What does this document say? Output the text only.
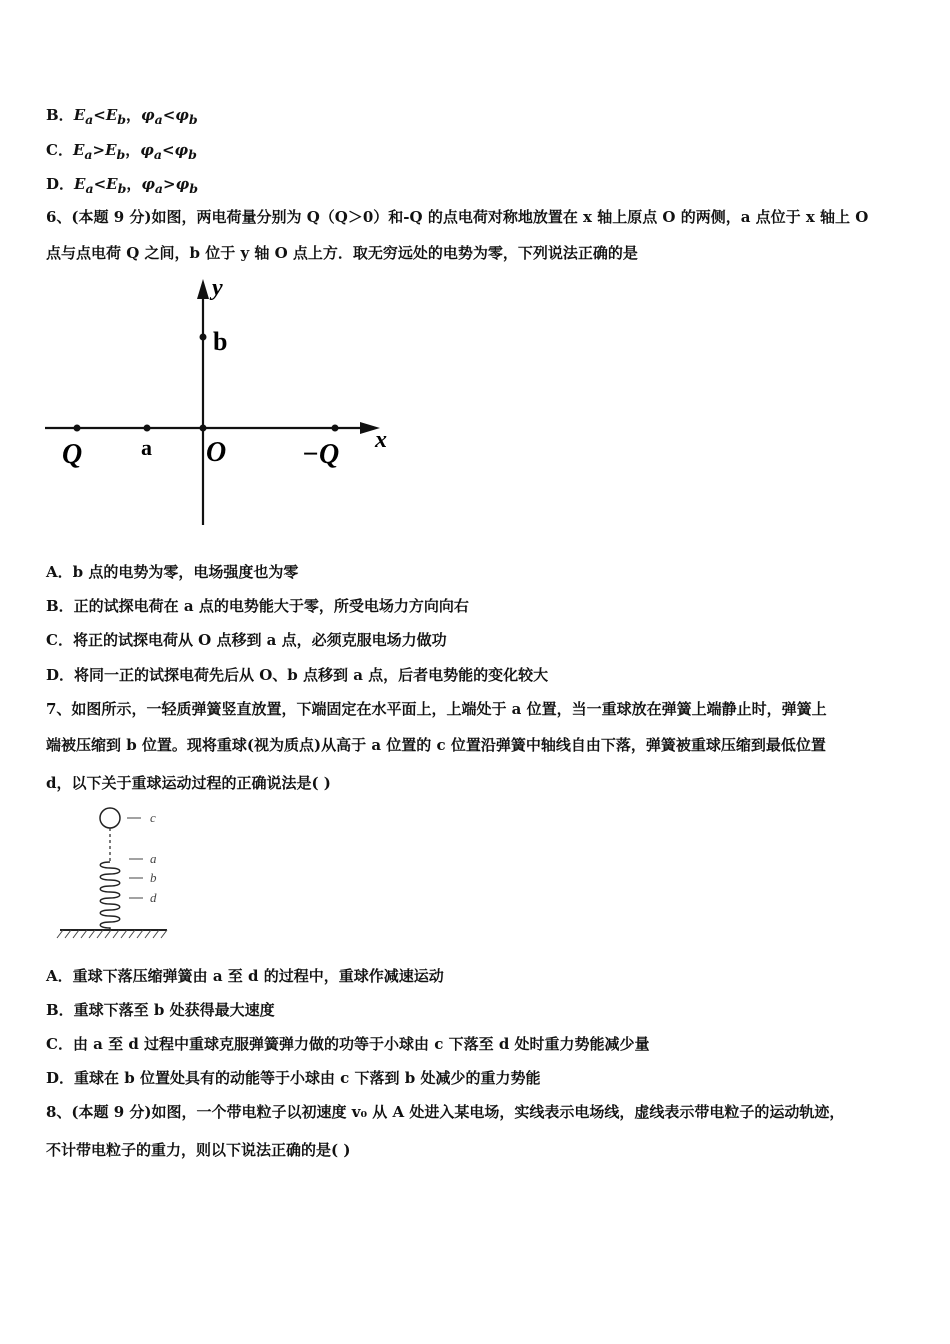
B．$E_a<E_b$，$\varphi_a<\varphi_b$
C．$E_a>E_b$，$\varphi_a<\varphi_b$
D．$E_a<E_b$，$\varphi_a>\varphi_b$
6、(本题 9 分)如图，两电荷量分别为 Q（Q＞0）和-Q 的点电荷对称地放置在 x 轴上原点 O 的两侧，a 点位于 x 轴上 O
点与点电荷 Q 之间，b 位于 y 轴 O 点上方．取无穷远处的电势为零，下列说法正确的是
y
b
x
Q	a O	−Q
A．b 点的电势为零，电场强度也为零
B．正的试探电荷在 a 点的电势能大于零，所受电场力方向向右
C．将正的试探电荷从 O 点移到 a 点，必须克服电场力做功
D．将同一正的试探电荷先后从 O、b 点移到 a 点，后者电势能的变化较大
7、如图所示，一轻质弹簧竖直放置，下端固定在水平面上，上端处于 a 位置，当一重球放在弹簧上端静止时，弹簧上
端被压缩到 b 位置。现将重球(视为质点)从高于 a 位置的 c 位置沿弹簧中轴线自由下落，弹簧被重球压缩到最低位置
d，以下关于重球运动过程的正确说法是( )
c
a
b
d
A．重球下落压缩弹簧由 a 至 d 的过程中，重球作减速运动
B．重球下落至 b 处获得最大速度
C．由 a 至 d 过程中重球克服弹簧弹力做的功等于小球由 c 下落至 d 处时重力势能减少量
D．重球在 b 位置处具有的动能等于小球由 c 下落到 b 处减少的重力势能
8、(本题 9 分)如图，一个带电粒子以初速度 v₀ 从 A 处进入某电场，实线表示电场线，虚线表示带电粒子的运动轨迹，
不计带电粒子的重力，则以下说法正确的是( )
